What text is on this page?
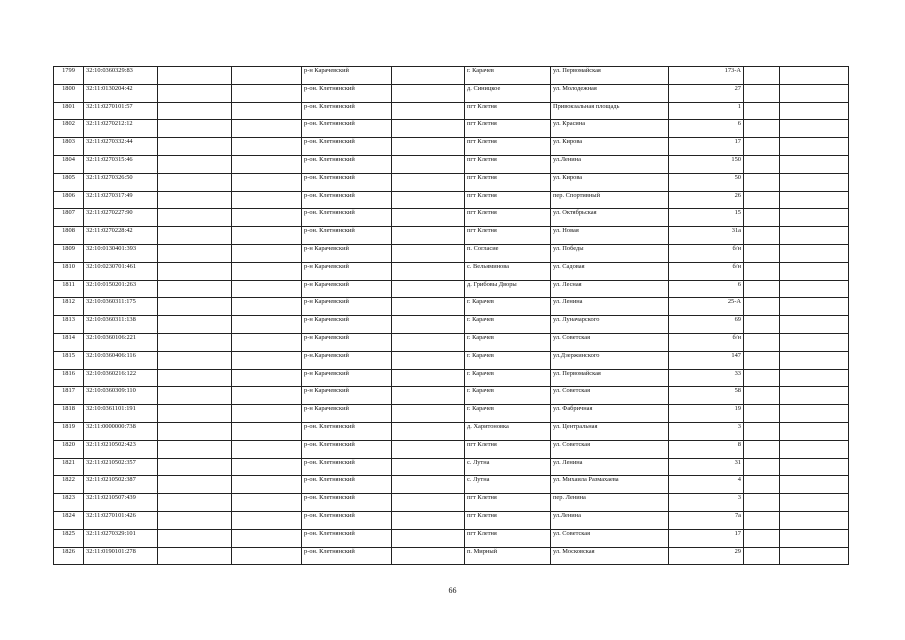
1799	32:10:0360329:83			р-н Карачевский		г. Карачев	ул. Первомайская	173-А		
1800	32:11:0130204:42			р-он. Клетнянский		д. Синицкое	ул. Молодежная	27		
1801	32:11:0270101:57			р-он. Клетнянский		пгт Клетня	Привокзальная площадь	1		
1802	32:11:0270212:12			р-он. Клетнянский		пгт Клетня	ул. Красина	6		
1803	32:11:0270332:44			р-он. Клетнянский		пгт Клетня	ул. Кирова	17		
1804	32:11:0270315:46			р-он. Клетнянский		пгт Клетня	ул.Ленина	150		
1805	32:11:0270326:50			р-он. Клетнянский		пгт Клетня	ул. Кирова	50		
1806	32:11:0270317:49			р-он. Клетнянский		пгт Клетня	пер. Спортивный	26		
1807	32:11:0270227:90			р-он. Клетнянский		пгт Клетня	ул. Октябрьская	15		
1808	32:11:0270228:42			р-он. Клетнянский		пгт Клетня	ул. Новая	31а		
1809	32:10:0130401:393			р-н Карачевский		п. Согласие	ул. Победы	б/н		
1810	32:10:0230701:461			р-н Карачевский		с. Вельяминова	ул. Садовая	б/н		
1811	32:10:0150201:263			р-н Карачевский		д. Грибовы Дворы	ул. Лесная	6		
1812	32:10:0360311:175			р-н Карачевский		г. Карачев	ул. Ленина	25-А		
1813	32:10:0360311:138			р-н Карачевский		г. Карачев	ул. Луначарского	69		
1814	32:10:0360106:221			р-н Карачевский		г. Карачев	ул. Советская	б/н		
1815	32:10:0360406:116			р-н.Карачевский		г. Карачев	ул.Дзержинского	147		
1816	32:10:0360216:122			р-н Карачевский		г. Карачев	ул. Первомайская	33		
1817	32:10:0360309:110			р-н Карачевский		г. Карачев	ул. Советская	58		
1818	32:10:0361101:191			р-н Карачевский		г. Карачев	ул. Фабричная	19		
1819	32:11:0000000:738			р-он. Клетнянский		д. Харитоновка	ул. Центральная	3		
1820	32:11:0210502:423			р-он. Клетнянский		пгт Клетня	ул. Советская	8		
1821	32:11:0210502:357			р-он. Клетнянский		с. Лутна	ул. Ленина	31		
1822	32:11:0210502:387			р-он. Клетнянский		с. Лутна	ул. Михаила Размахаева	4		
1823	32:11:0210507:439			р-он. Клетнянский		пгт Клетня	пер. Ленина	3		
1824	32:11:0270101:426			р-он. Клетнянский		пгт Клетня	ул.Ленина	7а		
1825	32:11:0270329:101			р-он. Клетнянский		пгт Клетня	ул. Советская	17		
1826	32:11:0190101:278			р-он. Клетнянский		п. Мирный	ул. Московская	29		
66
